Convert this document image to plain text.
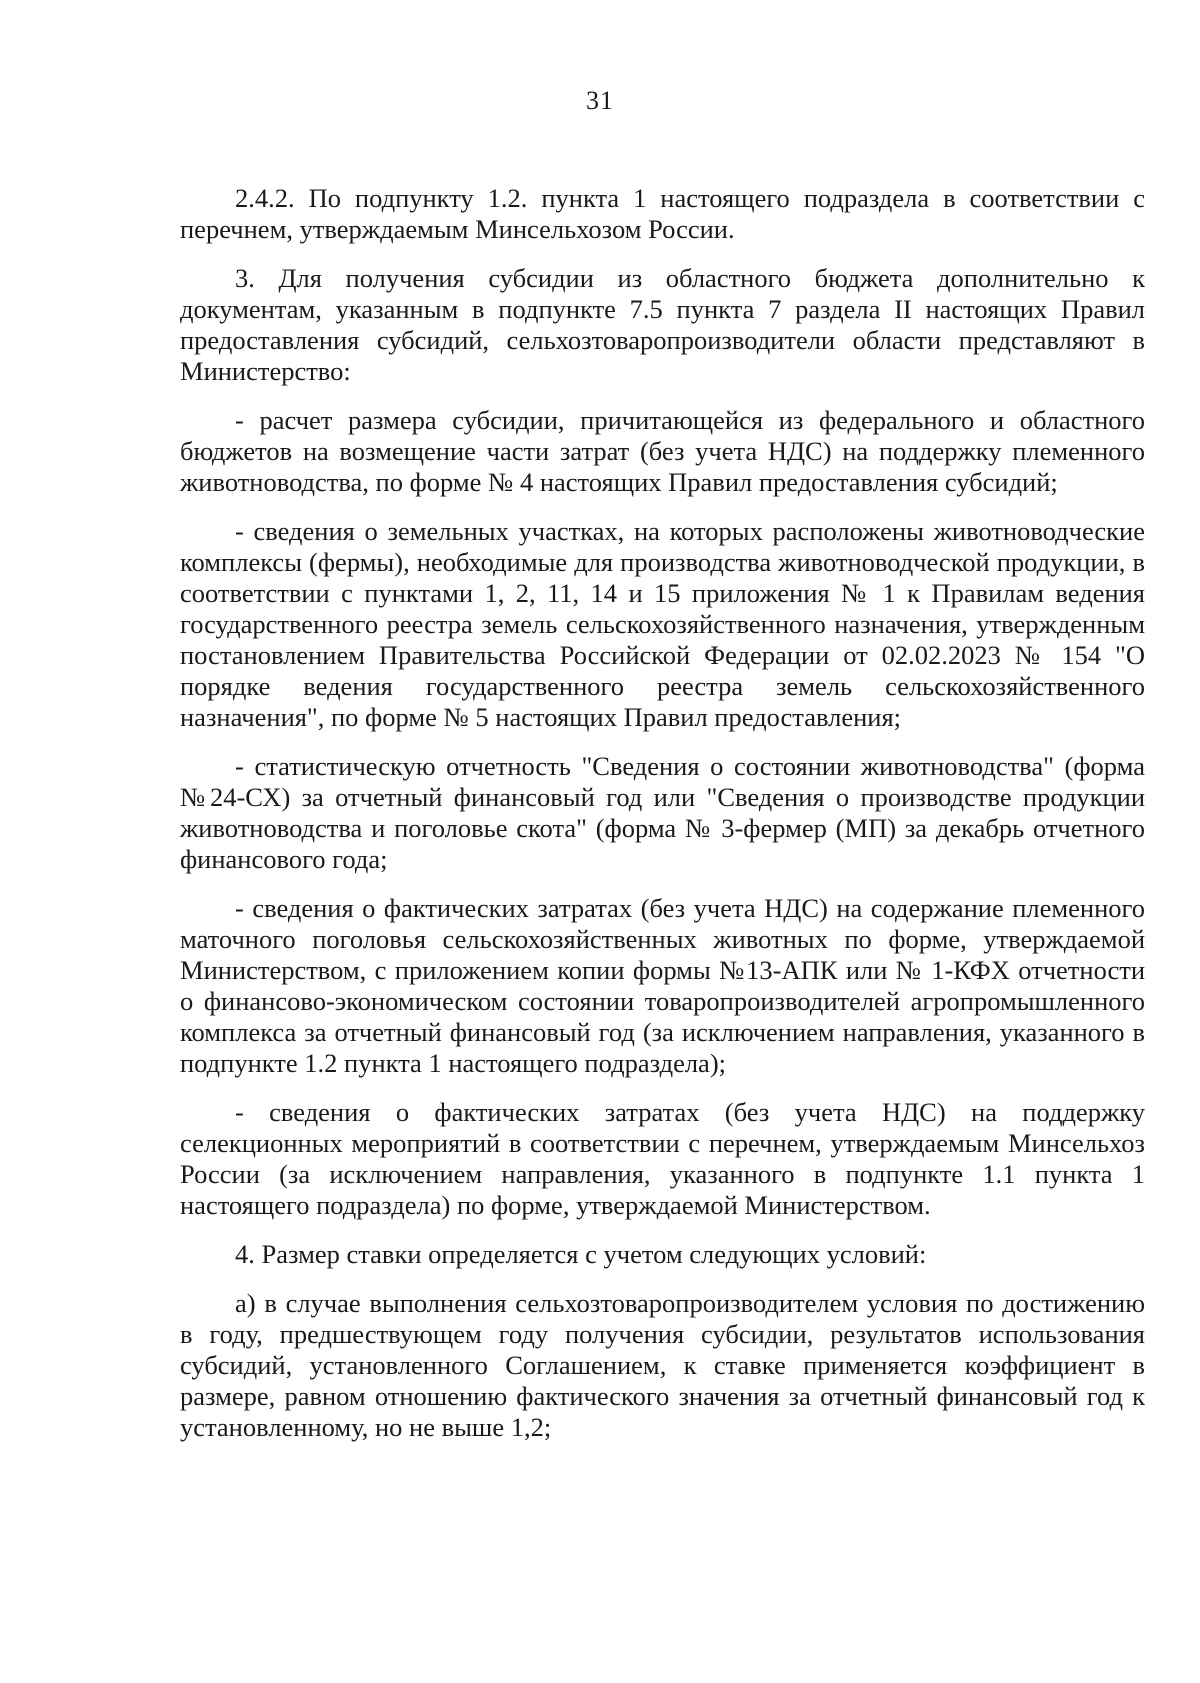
31

2.4.2. По подпункту 1.2. пункта 1 настоящего подраздела в соответствии с перечнем, утверждаемым Минсельхозом России.

3. Для получения субсидии из областного бюджета дополнительно к документам, указанным в подпункте 7.5 пункта 7 раздела II настоящих Правил предоставления субсидий, сельхозтоваропроизводители области представляют в Министерство:

- расчет размера субсидии, причитающейся из федерального и областного бюджетов на возмещение части затрат (без учета НДС) на поддержку племенного животноводства, по форме № 4 настоящих Правил предоставления субсидий;

- сведения о земельных участках, на которых расположены животноводческие комплексы (фермы), необходимые для производства животноводческой продукции, в соответствии с пунктами 1, 2, 11, 14 и 15 приложения № 1 к Правилам ведения государственного реестра земель сельскохозяйственного назначения, утвержденным постановлением Правительства Российской Федерации от 02.02.2023 № 154 "О порядке ведения государственного реестра земель сельскохозяйственного назначения", по форме № 5 настоящих Правил предоставления;

- статистическую отчетность "Сведения о состоянии животноводства" (форма №24-СХ) за отчетный финансовый год или "Сведения о производстве продукции животноводства и поголовье скота" (форма № 3-фермер (МП) за декабрь отчетного финансового года;

- сведения о фактических затратах (без учета НДС) на содержание племенного маточного поголовья сельскохозяйственных животных по форме, утверждаемой Министерством, с приложением копии формы №13-АПК или № 1-КФХ отчетности о финансово-экономическом состоянии товаропроизводителей агропромышленного комплекса за отчетный финансовый год (за исключением направления, указанного в подпункте 1.2 пункта 1 настоящего подраздела);

- сведения о фактических затратах (без учета НДС) на поддержку селекционных мероприятий в соответствии с перечнем, утверждаемым Минсельхоз России (за исключением направления, указанного в подпункте 1.1 пункта 1 настоящего подраздела) по форме, утверждаемой Министерством.

4. Размер ставки определяется с учетом следующих условий:

а) в случае выполнения сельхозтоваропроизводителем условия по достижению в году, предшествующем году получения субсидии, результатов использования субсидий, установленного Соглашением, к ставке применяется коэффициент в размере, равном отношению фактического значения за отчетный финансовый год к установленному, но не выше 1,2;
